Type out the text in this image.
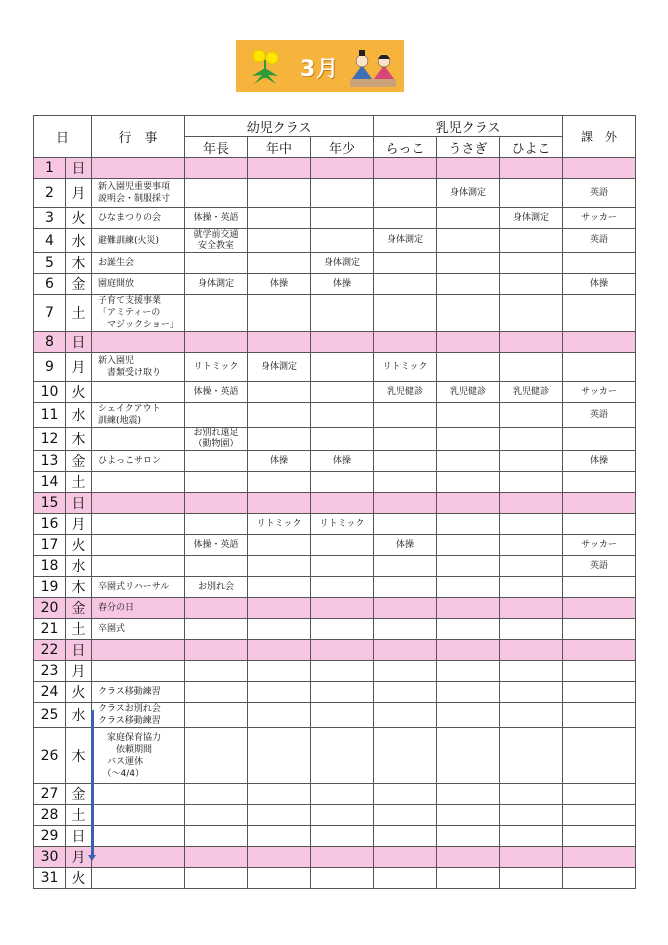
3月
日		行　事	幼児クラス			乳児クラス			課　外
			年長	年中	年少	らっこ	うさぎ	ひよこ	
1	日								
2	月	新入園児重要事項
説明会・制服採寸					身体測定		英語
3	火	ひなまつりの会	体操・英語					身体測定	サッカー
4	水	避難訓練(火災)	就学前交通
安全教室			身体測定			英語
5	木	お誕生会			身体測定				
6	金	園庭開放	身体測定	体操	体操				体操
7	土	子育て支援事業
「アミティーの
　マジックショー」							

8	日								
9	月	新入園児
　書類受け取り	リトミック	身体測定		リトミック			
10	火		体操・英語			乳児健診	乳児健診	乳児健診	サッカー
11	水	シェイクアウト
訓練(地震)							英語
12	木		お別れ遠足
（動物園）						
13	金	ひよっこサロン		体操	体操				体操
14	土								
15	日								
16	月			リトミック	リトミック				
17	火		体操・英語			体操			サッカー
18	水								英語
19	木	卒園式リハーサル	お別れ会						
20	金	春分の日							

21	土	卒園式							

22	日								
23	月								
24	火	クラス移動練習							

25	水	クラスお別れ会
クラス移動練習							

26	木	　家庭保育協力
　　依頼期間
　バス運休
　（～4/4）							

27	金								
28	土								
29	日								
30	月								
31	火								
